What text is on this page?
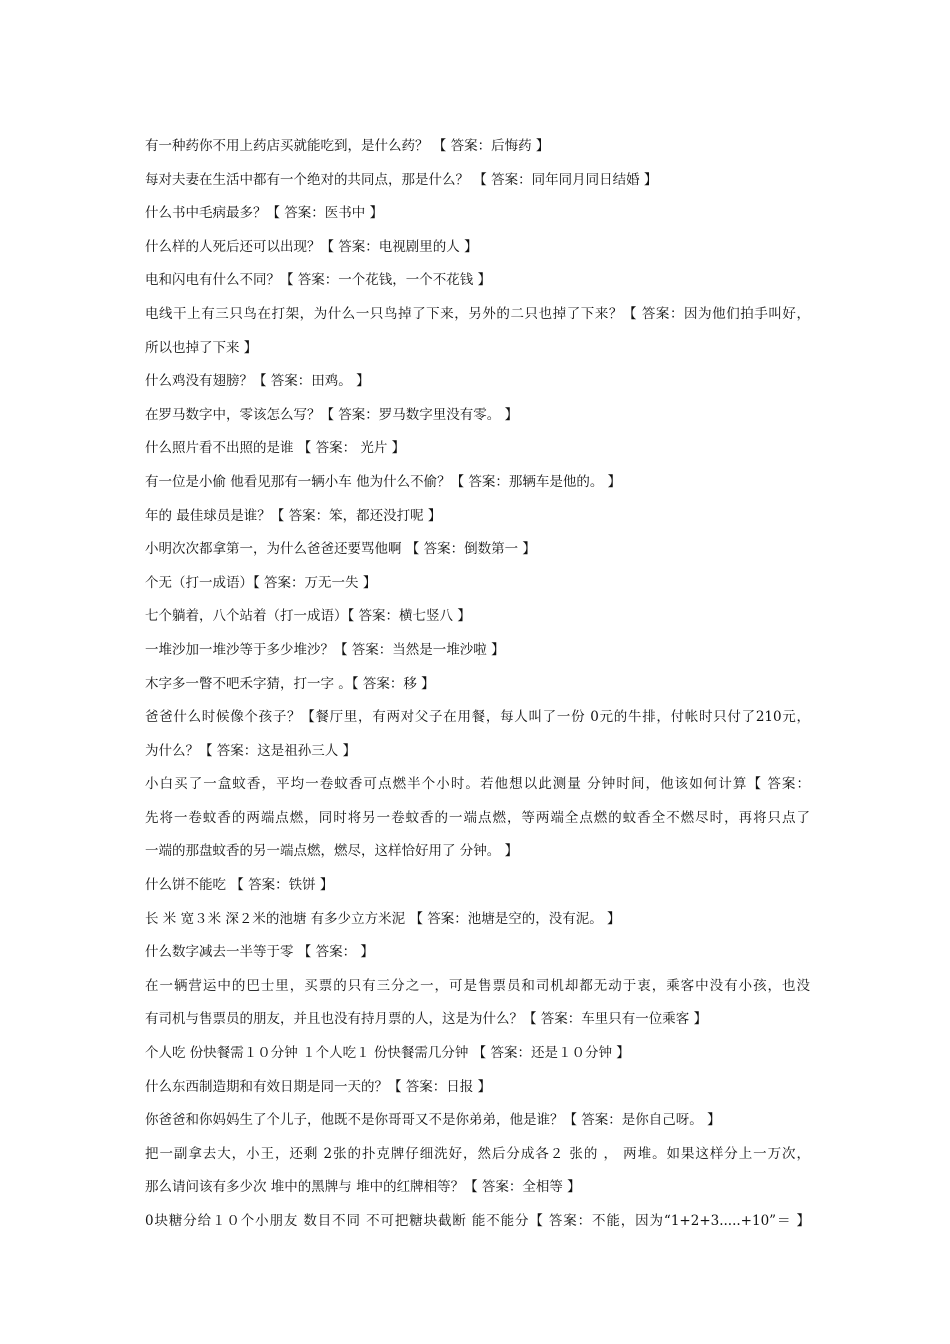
有一种药你不用上药店买就能吃到，是什么药？ 【 答案：后悔药 】
每对夫妻在生活中都有一个绝对的共同点，那是什么？ 【 答案：同年同月同日结婚 】
什么书中毛病最多？【 答案：医书中 】
什么样的人死后还可以出现？【 答案：电视剧里的人 】
电和闪电有什么不同？【 答案：一个花钱，一个不花钱 】
电线干上有三只鸟在打架，为什么一只鸟掉了下来，另外的二只也掉了下来？【 答案：因为他们拍手叫好，
所以也掉了下来 】
什么鸡没有翅膀？【 答案：田鸡。 】
在罗马数字中，零该怎么写？【 答案：罗马数字里没有零。 】
什么照片看不出照的是谁 【 答案： 光片 】
有一位是小偷 他看见那有一辆小车 他为什么不偷？【 答案：那辆车是他的。 】
年的 最佳球员是谁？【 答案：笨，都还没打呢 】
小明次次都拿第一，为什么爸爸还要骂他啊 【 答案：倒数第一 】
个无（打一成语）【 答案：万无一失 】
七个躺着，八个站着（打一成语）【 答案：横七竖八 】
一堆沙加一堆沙等于多少堆沙？【 答案：当然是一堆沙啦 】
木字多一瞥不吧禾字猜，打一字 。【 答案：移 】
爸爸什么时候像个孩子？【餐厅里，有两对父子在用餐，每人叫了一份 0元的牛排，付帐时只付了210元，
为什么？【 答案：这是祖孙三人 】
小白买了一盒蚊香，平均一卷蚊香可点燃半个小时。若他想以此测量 分钟时间，他该如何计算【 答案：
先将一卷蚊香的两端点燃，同时将另一卷蚊香的一端点燃，等两端全点燃的蚊香全不燃尽时，再将只点了
一端的那盘蚊香的另一端点燃，燃尽，这样恰好用了 分钟。 】
什么饼不能吃 【 答案：铁饼 】
长 米 宽３米 深２米的池塘 有多少立方米泥 【 答案：池塘是空的，没有泥。 】
什么数字减去一半等于零 【 答案： 】
在一辆营运中的巴士里，买票的只有三分之一，可是售票员和司机却都无动于衷，乘客中没有小孩，也没
有司机与售票员的朋友，并且也没有持月票的人，这是为什么？【 答案：车里只有一位乘客 】
个人吃 份快餐需１０分钟 １个人吃１ 份快餐需几分钟 【 答案：还是１０分钟 】
什么东西制造期和有效日期是同一天的？【 答案：日报 】
你爸爸和你妈妈生了个儿子，他既不是你哥哥又不是你弟弟，他是谁？【 答案：是你自己呀。 】
把一副拿去大，小王，还剩 2张的扑克牌仔细洗好，然后分成各２ 张的 ， 两堆。如果这样分上一万次，
那么请问该有多少次 堆中的黑牌与 堆中的红牌相等？【 答案：全相等 】
0块糖分给１０个小朋友 数目不同 不可把糖块截断 能不能分【 答案：不能，因为“1+2+3.....+10”＝ 】
